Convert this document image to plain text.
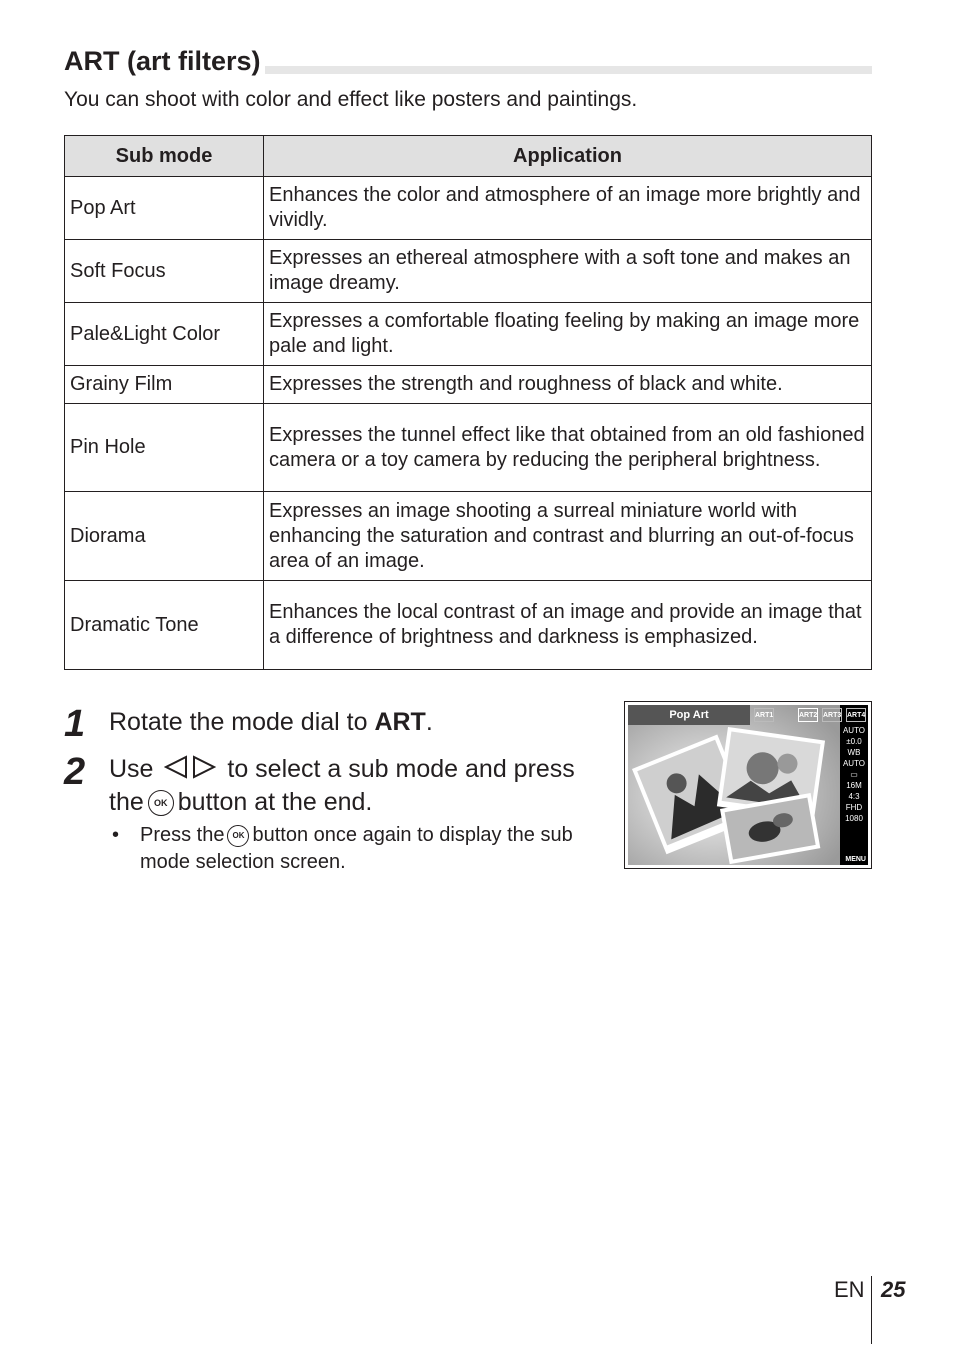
ART (art filters)
You can shoot with color and effect like posters and paintings.
Sub mode	Application
Pop Art	Enhances the color and atmosphere of an image more brightly and vividly.
Soft Focus	Expresses an ethereal atmosphere with a soft tone and makes an image dreamy.
Pale&Light Color	Expresses a comfortable floating feeling by making an image more pale and light.
Grainy Film	Expresses the strength and roughness of black and white.
Pin Hole	Expresses the tunnel effect like that obtained from an old fashioned camera or a toy camera by reducing the peripheral brightness.
Diorama	Expresses an image shooting a surreal miniature world with enhancing the saturation and contrast and blurring an out-of-focus area of an image.
Dramatic Tone	Enhances the local contrast of an image and provide an image that a difference of brightness and darkness is emphasized.
1 Rotate the mode dial to ART.
2 Use	to select a sub mode and press
the OK button at the end.
• Press the OK button once again to display the sub mode selection screen.
Pop Art	ART1	ART2 ART3 ART4
AUTO
±0.0
WB AUTO
▭
16M
4:3
FHD 1080
MENU
EN 25
